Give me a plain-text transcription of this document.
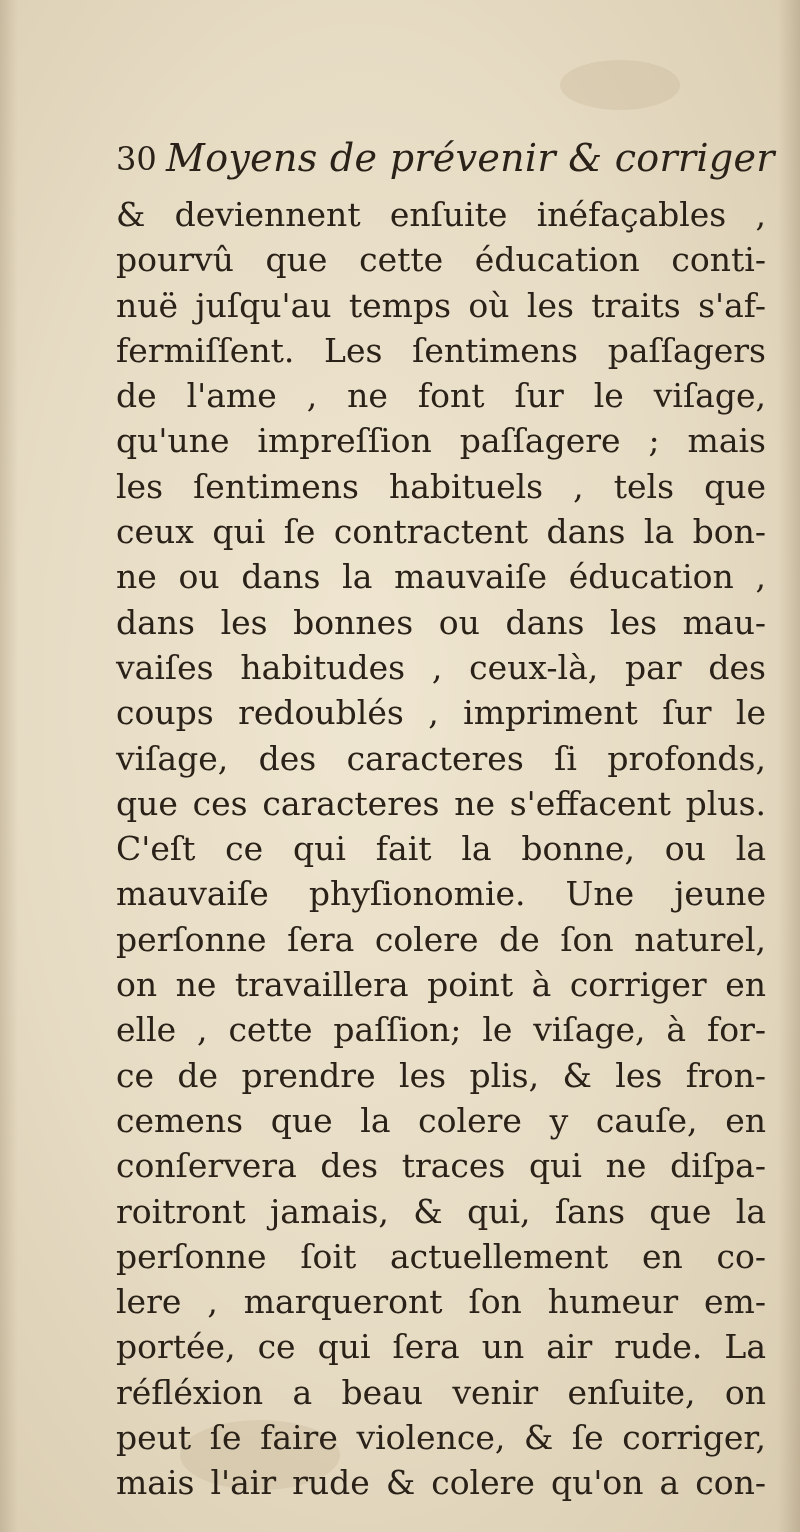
30 Moyens de prévenir & corriger
& deviennent enſuite inéfaçables ,
pourvû que cette éducation conti-
nuë juſqu'au temps où les traits s'af-
fermiſſent. Les ſentimens paſſagers
de l'ame , ne font ſur le viſage,
qu'une impreſſion paſſagere ; mais
les ſentimens habituels , tels que
ceux qui ſe contractent dans la bon-
ne ou dans la mauvaiſe éducation ,
dans les bonnes ou dans les mau-
vaiſes habitudes , ceux-là, par des
coups redoublés , impriment ſur le
viſage, des caracteres ſi profonds,
que ces caracteres ne s'effacent plus.
C'eſt ce qui fait la bonne, ou la
mauvaiſe phyſionomie. Une jeune
perſonne ſera colere de ſon naturel,
on ne travaillera point à corriger en
elle , cette paſſion; le viſage, à for-
ce de prendre les plis, & les fron-
cemens que la colere y cauſe, en
conſervera des traces qui ne diſpa-
roitront jamais, & qui, ſans que la
perſonne ſoit actuellement en co-
lere , marqueront ſon humeur em-
portée, ce qui ſera un air rude. La
réfléxion a beau venir enſuite, on
peut ſe faire violence, & ſe corriger,
mais l'air rude & colere qu'on a con-
